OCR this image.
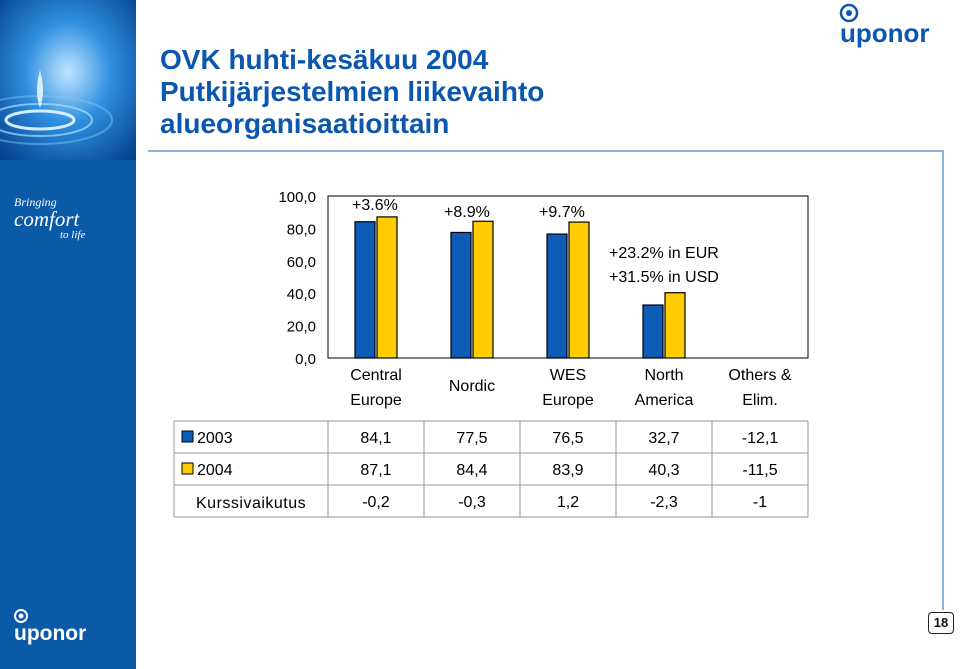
Bringing
comfort
to life
uponor
uponor
OVK huhti-kesäkuu 2004
Putkijärjestelmien liikevaihto
alueorganisaatioittain
0,0
20,0
40,0
60,0
80,0
100,0
Central
Europe
Nordic
WES
Europe
North
America
Others &
Elim.
+3.6%	+8.9%	+9.7%
+23.2% in EUR
+31.5% in USD
2003	84,1	77,5	76,5	32,7	-12,1
2004	87,1	84,4	83,9	40,3	-11,5
Kurssivaikutus	-0,2	-0,3	1,2	-2,3	-1
18
